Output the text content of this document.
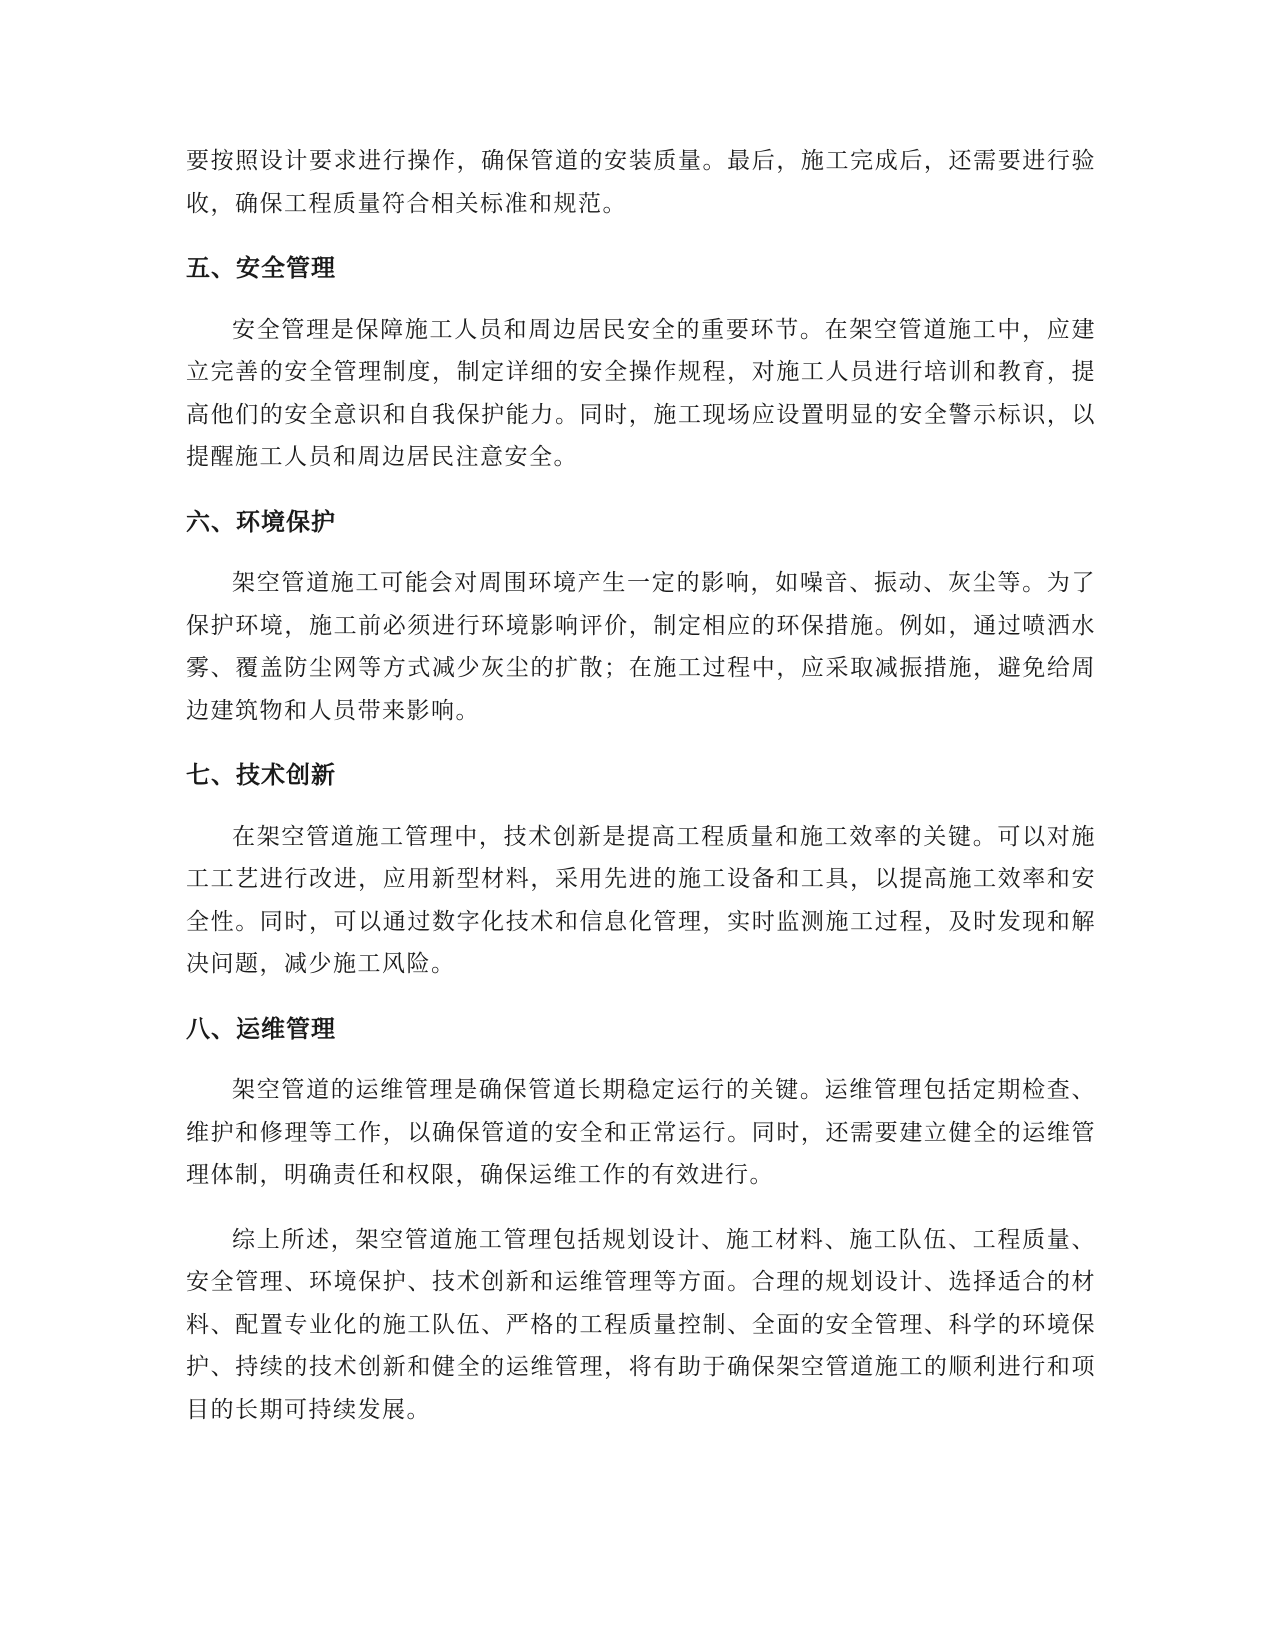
要按照设计要求进行操作，确保管道的安装质量。最后，施工完成后，还需要进行验收，确保工程质量符合相关标准和规范。

五、安全管理

安全管理是保障施工人员和周边居民安全的重要环节。在架空管道施工中，应建立完善的安全管理制度，制定详细的安全操作规程，对施工人员进行培训和教育，提高他们的安全意识和自我保护能力。同时，施工现场应设置明显的安全警示标识，以提醒施工人员和周边居民注意安全。

六、环境保护

架空管道施工可能会对周围环境产生一定的影响，如噪音、振动、灰尘等。为了保护环境，施工前必须进行环境影响评价，制定相应的环保措施。例如，通过喷洒水雾、覆盖防尘网等方式减少灰尘的扩散；在施工过程中，应采取减振措施，避免给周边建筑物和人员带来影响。

七、技术创新

在架空管道施工管理中，技术创新是提高工程质量和施工效率的关键。可以对施工工艺进行改进，应用新型材料，采用先进的施工设备和工具，以提高施工效率和安全性。同时，可以通过数字化技术和信息化管理，实时监测施工过程，及时发现和解决问题，减少施工风险。

八、运维管理

架空管道的运维管理是确保管道长期稳定运行的关键。运维管理包括定期检查、维护和修理等工作，以确保管道的安全和正常运行。同时，还需要建立健全的运维管理体制，明确责任和权限，确保运维工作的有效进行。

综上所述，架空管道施工管理包括规划设计、施工材料、施工队伍、工程质量、安全管理、环境保护、技术创新和运维管理等方面。合理的规划设计、选择适合的材料、配置专业化的施工队伍、严格的工程质量控制、全面的安全管理、科学的环境保护、持续的技术创新和健全的运维管理，将有助于确保架空管道施工的顺利进行和项目的长期可持续发展。
